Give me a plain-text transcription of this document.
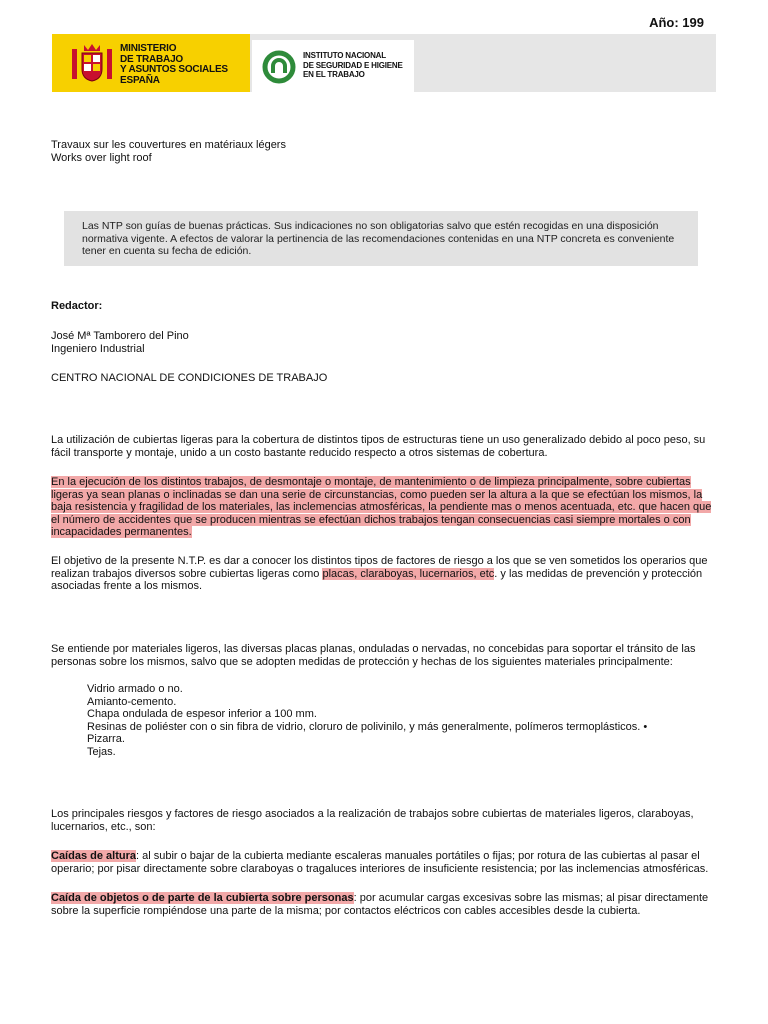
Año: 199
MINISTERIO
DE TRABAJO
Y ASUNTOS SOCIALES
ESPAÑA
INSTITUTO NACIONAL
DE SEGURIDAD E HIGIENE
EN EL TRABAJO
Travaux sur les couvertures en matériaux légers
Works over light roof
Las NTP son guías de buenas prácticas. Sus indicaciones no son obligatorias salvo que estén recogidas en una disposición normativa vigente. A efectos de valorar la pertinencia de las recomendaciones contenidas en una NTP concreta es conveniente tener en cuenta su fecha de edición.
Redactor:
José Mª Tamborero del Pino
Ingeniero Industrial
CENTRO NACIONAL DE CONDICIONES DE TRABAJO
La utilización de cubiertas ligeras para la cobertura de distintos tipos de estructuras tiene un uso generalizado debido al poco peso, su fácil transporte y montaje, unido a un costo bastante reducido respecto a otros sistemas de cobertura.
En la ejecución de los distintos trabajos, de desmontaje o montaje, de mantenimiento o de limpieza principalmente, sobre cubiertas ligeras ya sean planas o inclinadas se dan una serie de circunstancias, como pueden ser la altura a la que se efectúan los mismos, la baja resistencia y fragilidad de los materiales, las inclemencias atmosféricas, la pendiente mas o menos acentuada, etc. que hacen que el número de accidentes que se producen mientras se efectúan dichos trabajos tengan consecuencias casi siempre mortales o con incapacidades permanentes.
El objetivo de la presente N.T.P. es dar a conocer los distintos tipos de factores de riesgo a los que se ven sometidos los operarios que realizan trabajos diversos sobre cubiertas ligeras como placas, claraboyas, lucernarios, etc. y las medidas de prevención y protección asociadas frente a los mismos.
Se entiende por materiales ligeros, las diversas placas planas, onduladas o nervadas, no concebidas para soportar el tránsito de las personas sobre los mismos, salvo que se adopten medidas de protección y hechas de los siguientes materiales principalmente:
Vidrio armado o no.
Amianto-cemento.
Chapa ondulada de espesor inferior a 100 mm.
Resinas de poliéster con o sin fibra de vidrio, cloruro de polivinilo, y más generalmente, polímeros termoplásticos. •
Pizarra.
Tejas.
Los principales riesgos y factores de riesgo asociados a la realización de trabajos sobre cubiertas de materiales ligeros, claraboyas, lucernarios, etc., son:
Caídas de altura: al subir o bajar de la cubierta mediante escaleras manuales portátiles o fijas; por rotura de las cubiertas al pasar el operario; por pisar directamente sobre claraboyas o tragaluces interiores de insuficiente resistencia; por las inclemencias atmosféricas.
Caída de objetos o de parte de la cubierta sobre personas: por acumular cargas excesivas sobre las mismas; al pisar directamente sobre la superficie rompiéndose una parte de la misma; por contactos eléctricos con cables accesibles desde la cubierta.
